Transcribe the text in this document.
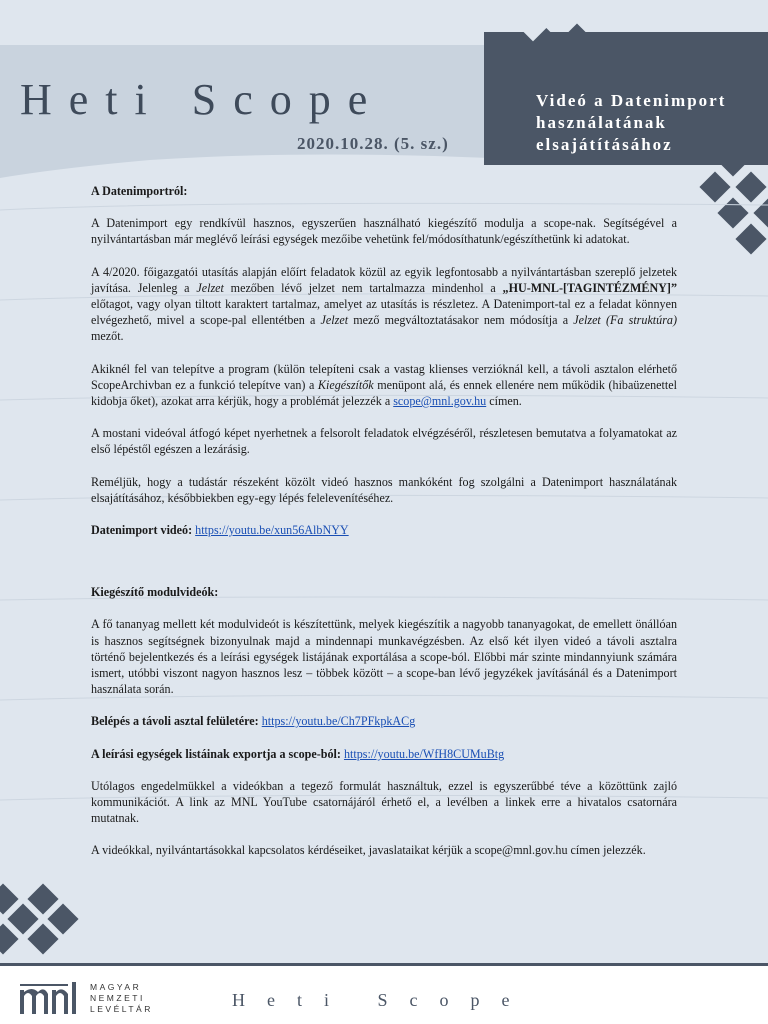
Heti Scope
2020.10.28. (5. sz.)
Videó a Datenimport
használatának
elsajátításához

A Datenimportról:

A Datenimport egy rendkívül hasznos, egyszerűen használható kiegészítő modulja a scope-nak. Segítségével a nyilvántartásban már meglévő leírási egységek mezőibe vehetünk fel/módosíthatunk/egészíthetünk ki adatokat.

A 4/2020. főigazgatói utasítás alapján előírt feladatok közül az egyik legfontosabb a nyilvántartásban szereplő jelzetek javítása. Jelenleg a Jelzet mezőben lévő jelzet nem tartalmazza mindenhol a „HU-MNL-[TAGINTÉZMÉNY]” előtagot, vagy olyan tiltott karaktert tartalmaz, amelyet az utasítás is részletez. A Datenimport-tal ez a feladat könnyen elvégezhető, mivel a scope-pal ellentétben a Jelzet mező megváltoztatásakor nem módosítja a Jelzet (Fa struktúra) mezőt.

Akiknél fel van telepítve a program (külön telepíteni csak a vastag klienses verzióknál kell, a távoli asztalon elérhető ScopeArchivban ez a funkció telepítve van) a Kiegészítők menüpont alá, és ennek ellenére nem működik (hibaüzenettel kidobja őket), azokat arra kérjük, hogy a problémát jelezzék a scope@mnl.gov.hu címen.

A mostani videóval átfogó képet nyerhetnek a felsorolt feladatok elvégzéséről, részletesen bemutatva a folyamatokat az első lépéstől egészen a lezárásig.

Reméljük, hogy a tudástár részeként közölt videó hasznos mankóként fog szolgálni a Datenimport használatának elsajátításához, későbbiekben egy-egy lépés felelevenítéséhez.

Datenimport videó: https://youtu.be/xun56AlbNYY

Kiegészítő modulvideók:

A fő tananyag mellett két modulvideót is készítettünk, melyek kiegészítik a nagyobb tananyagokat, de emellett önállóan is hasznos segítségnek bizonyulnak majd a mindennapi munkavégzésben. Az első két ilyen videó a távoli asztalra történő bejelentkezés és a leírási egységek listájának exportálása a scope-ból. Előbbi már szinte mindannyiunk számára ismert, utóbbi viszont nagyon hasznos lesz – többek között – a scope-ban lévő jegyzékek javításánál és a Datenimport használata során.

Belépés a távoli asztal felületére: https://youtu.be/Ch7PFkpkACg

A leírási egységek listáinak exportja a scope-ból: https://youtu.be/WfH8CUMuBtg

Utólagos engedelmükkel a videókban a tegező formulát használtuk, ezzel is egyszerűbbé téve a közöttünk zajló kommunikációt. A link az MNL YouTube csatornájáról érhető el, a levélben a linkek erre a hivatalos csatornára mutatnak.

A videókkal, nyilvántartásokkal kapcsolatos kérdéseiket, javaslataikat kérjük a scope@mnl.gov.hu címen jelezzék.

MAGYAR
NEMZETI
LEVÉLTÁR	Heti Scope
